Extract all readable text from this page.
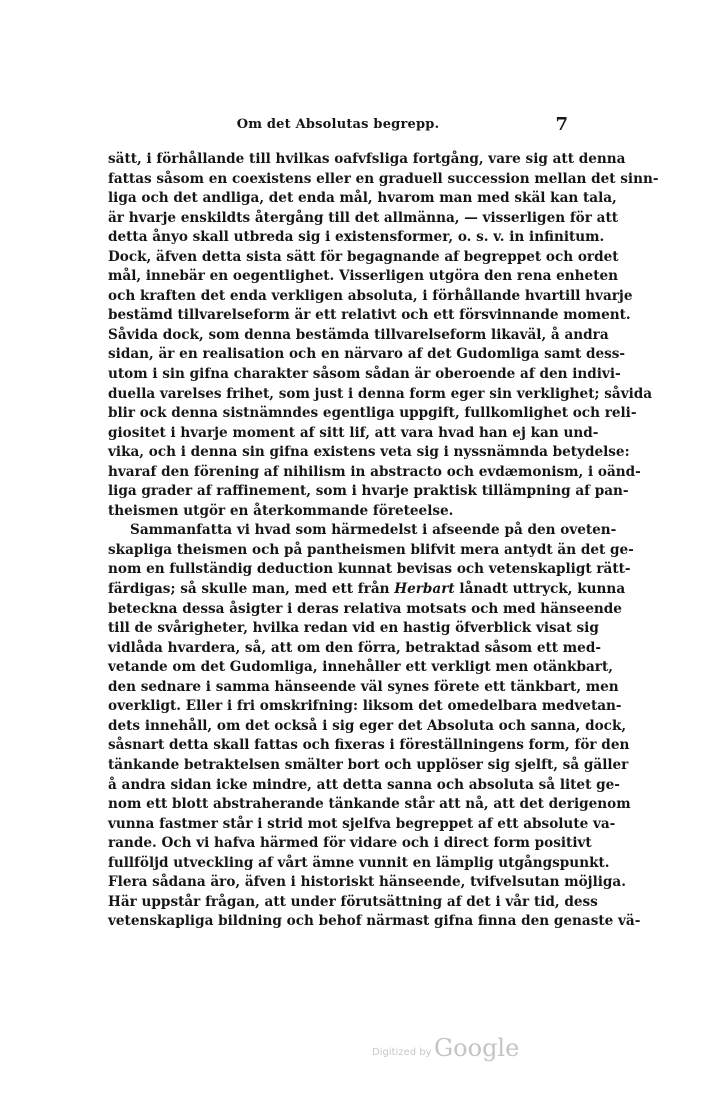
Om det Absolutas begrepp.	7
sätt, i förhållande till hvilkas oafvfsliga fortgång, vare sig att denna
fattas såsom en coexistens eller en graduell succession mellan det sinn-
liga och det andliga, det enda mål, hvarom man med skäl kan tala,
är hvarje enskildts återgång till det allmänna, — visserligen för att
detta ånyo skall utbreda sig i existensformer, o. s. v. in infinitum.
Dock, äfven detta sista sätt för begagnande af begreppet och ordet
mål, innebär en oegentlighet. Visserligen utgöra den rena enheten
och kraften det enda verkligen absoluta, i förhållande hvartill hvarje
bestämd tillvarelseform är ett relativt och ett försvinnande moment.
Såvida dock, som denna bestämda tillvarelseform likaväl, å andra
sidan, är en realisation och en närvaro af det Gudomliga samt dess-
utom i sin gifna charakter såsom sådan är oberoende af den indivi-
duella varelses frihet, som just i denna form eger sin verklighet; såvida
blir ock denna sistnämndes egentliga uppgift, fullkomlighet och reli-
giositet i hvarje moment af sitt lif, att vara hvad han ej kan und-
vika, och i denna sin gifna existens veta sig i nyssnämnda betydelse:
hvaraf den förening af nihilism in abstracto och evdæmonism, i oänd-
liga grader af raffinement, som i hvarje praktisk tillämpning af pan-
theismen utgör en återkommande företeelse.
Sammanfatta vi hvad som härmedelst i afseende på den oveten-
skapliga theismen och på pantheismen blifvit mera antydt än det ge-
nom en fullständig deduction kunnat bevisas och vetenskapligt rätt-
färdigas; så skulle man, med ett från Herbart lånadt uttryck, kunna
beteckna dessa åsigter i deras relativa motsats och med hänseende
till de svårigheter, hvilka redan vid en hastig öfverblick visat sig
vidlåda hvardera, så, att om den förra, betraktad såsom ett med-
vetande om det Gudomliga, innehåller ett verkligt men otänkbart,
den sednare i samma hänseende väl synes förete ett tänkbart, men
overkligt. Eller i fri omskrifning: liksom det omedelbara medvetan-
dets innehåll, om det också i sig eger det Absoluta och sanna, dock,
såsnart detta skall fattas och fixeras i föreställningens form, för den
tänkande betraktelsen smälter bort och upplöser sig sjelft, så gäller
å andra sidan icke mindre, att detta sanna och absoluta så litet ge-
nom ett blott abstraherande tänkande står att nå, att det derigenom
vunna fastmer står i strid mot sjelfva begreppet af ett absolute va-
rande. Och vi hafva härmed för vidare och i direct form positivt
fullföljd utveckling af vårt ämne vunnit en lämplig utgångspunkt.
Flera sådana äro, äfven i historiskt hänseende, tvifvelsutan möjliga.
Här uppstår frågan, att under förutsättning af det i vår tid, dess
vetenskapliga bildning och behof närmast gifna finna den genaste vä-
Digitized by Google
